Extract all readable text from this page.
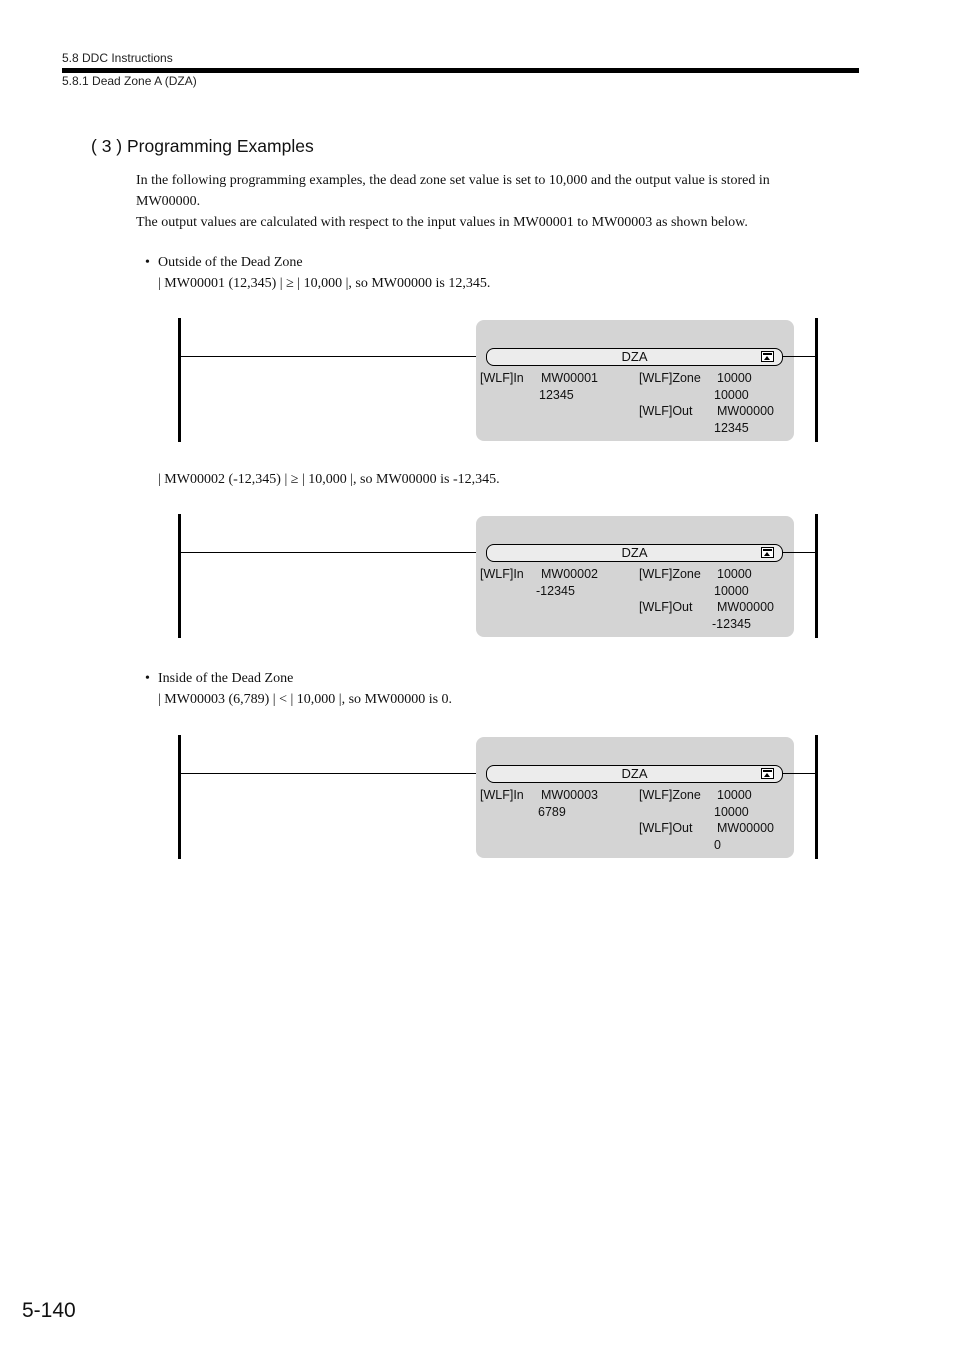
5.8 DDC Instructions
5.8.1 Dead Zone A (DZA)
( 3 ) Programming Examples
In the following programming examples, the dead zone set value is set to 10,000 and the output value is stored in
MW00000.
The output values are calculated with respect to the input values in MW00001 to MW00003 as shown below.
• Outside of the Dead Zone
| MW00001 (12,345) | ≥ | 10,000 |, so MW00000 is 12,345.
DZA
[WLF]In MW00001
12345
[WLF]Zone 10000
10000
[WLF]Out MW00000
12345
| MW00002 (-12,345) | ≥ | 10,000 |, so MW00000 is -12,345.
DZA
[WLF]In MW00002
-12345
[WLF]Zone 10000
10000
[WLF]Out MW00000
-12345
• Inside of the Dead Zone
| MW00003 (6,789) | < | 10,000 |, so MW00000 is 0.
DZA
[WLF]In MW00003
6789
[WLF]Zone 10000
10000
[WLF]Out MW00000
0
5-140
